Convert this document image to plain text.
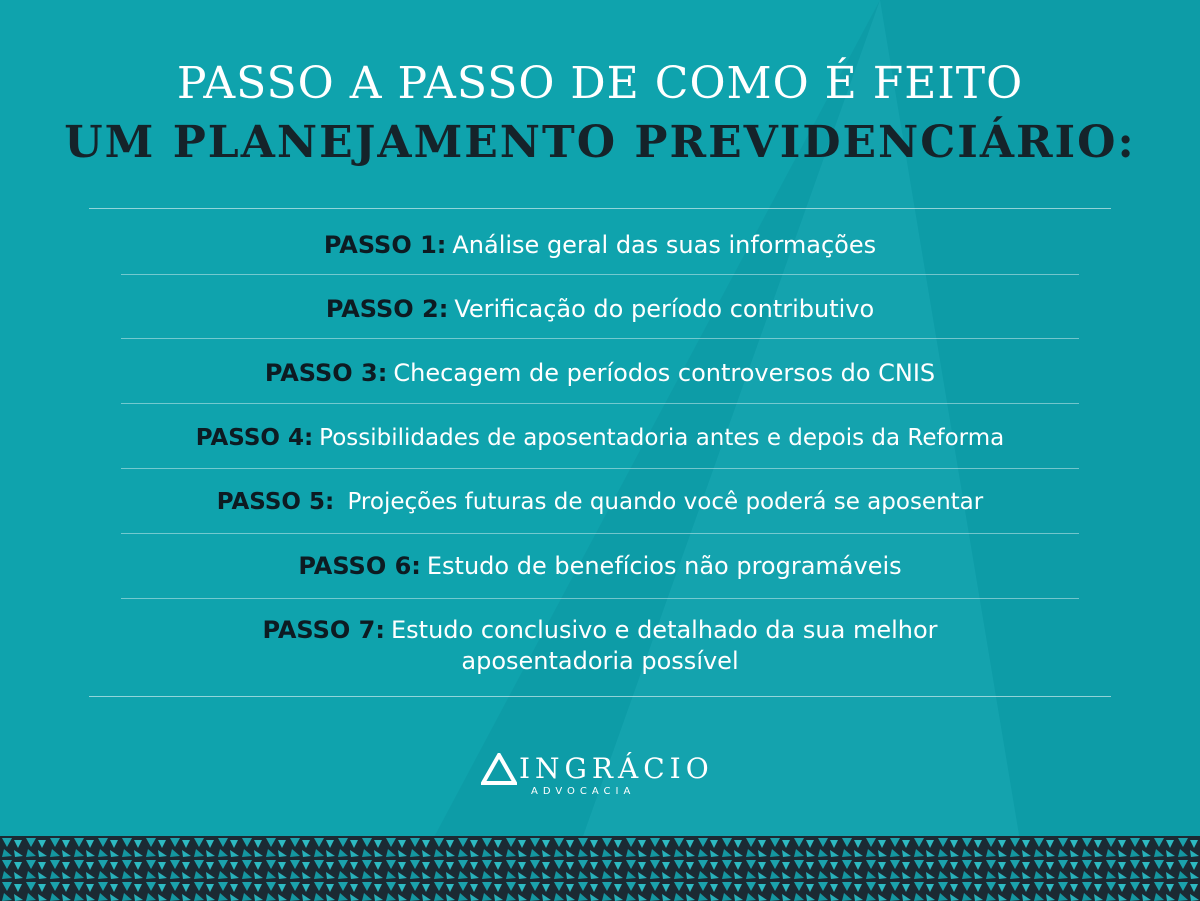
PASSO A PASSO DE COMO É FEITO
UM PLANEJAMENTO PREVIDENCIÁRIO:
PASSO 1: Análise geral das suas informações
PASSO 2: Verificação do período contributivo
PASSO 3: Checagem de períodos controversos do CNIS
PASSO 4: Possibilidades de aposentadoria antes e depois da Reforma
PASSO 5: Projeções futuras de quando você poderá se aposentar
PASSO 6: Estudo de benefícios não programáveis
PASSO 7: Estudo conclusivo e detalhado da sua melhor
aposentadoria possível
INGRÁCIO
ADVOCACIA
